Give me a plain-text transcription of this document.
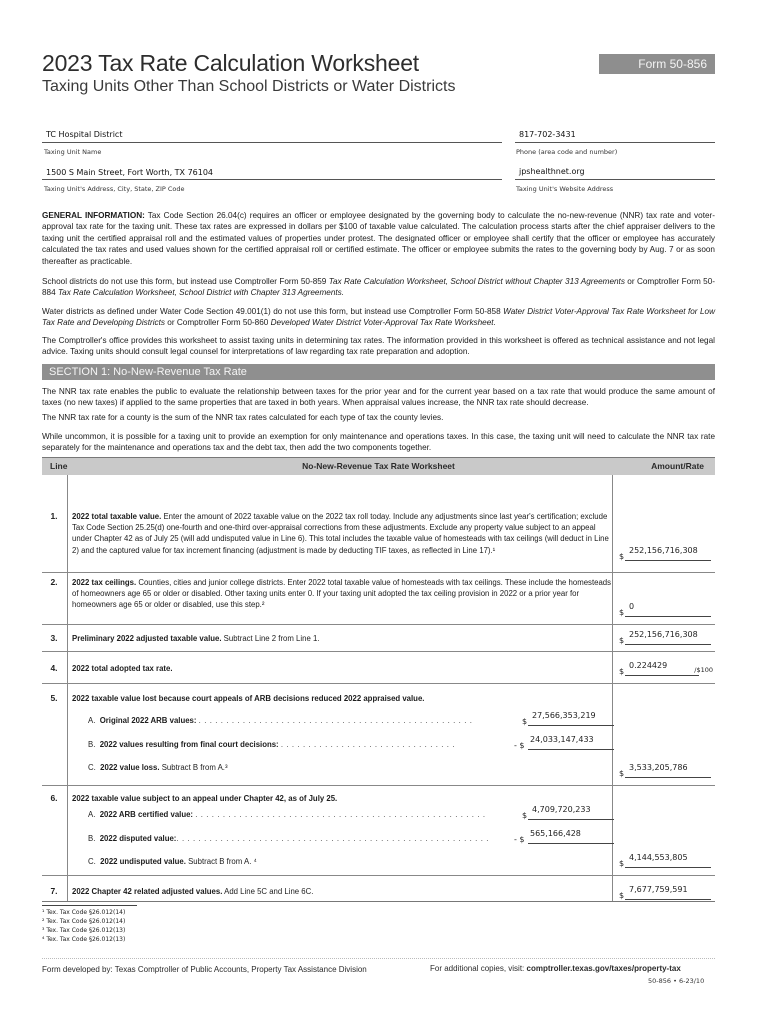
2023 Tax Rate Calculation Worksheet
Taxing Units Other Than School Districts or Water Districts
Form 50-856
TC Hospital District
Taxing Unit Name
817-702-3431
Phone (area code and number)
1500 S Main Street, Fort Worth, TX 76104
Taxing Unit's Address, City, State, ZIP Code
jpshealthnet.org
Taxing Unit's Website Address
GENERAL INFORMATION: Tax Code Section 26.04(c) requires an officer or employee designated by the governing body to calculate the no-new-revenue (NNR) tax rate and voter-approval tax rate for the taxing unit. These tax rates are expressed in dollars per $100 of taxable value calculated. The calculation process starts after the chief appraiser delivers to the taxing unit the certified appraisal roll and the estimated values of properties under protest. The designated officer or employee shall certify that the officer or employee has accurately calculated the tax rates and used values shown for the certified appraisal roll or certified estimate. The officer or employee submits the rates to the governing body by Aug. 7 or as soon thereafter as practicable.
School districts do not use this form, but instead use Comptroller Form 50-859 Tax Rate Calculation Worksheet, School District without Chapter 313 Agreements or Comptroller Form 50-884 Tax Rate Calculation Worksheet, School District with Chapter 313 Agreements.
Water districts as defined under Water Code Section 49.001(1) do not use this form, but instead use Comptroller Form 50-858 Water District Voter-Approval Tax Rate Worksheet for Low Tax Rate and Developing Districts or Comptroller Form 50-860 Developed Water District Voter-Approval Tax Rate Worksheet.
The Comptroller's office provides this worksheet to assist taxing units in determining tax rates. The information provided in this worksheet is offered as technical assistance and not legal advice. Taxing units should consult legal counsel for interpretations of law regarding tax rate preparation and adoption.
SECTION 1: No-New-Revenue Tax Rate
The NNR tax rate enables the public to evaluate the relationship between taxes for the prior year and for the current year based on a tax rate that would produce the same amount of taxes (no new taxes) if applied to the same properties that are taxed in both years. When appraisal values increase, the NNR tax rate should decrease.
Line	No-New-Revenue Tax Rate Worksheet	Amount/Rate
1.	2022 total taxable value. Enter the amount of 2022 taxable value on the 2022 tax roll today. Include any adjustments since last year's certification; exclude Tax Code Section 25.25(d) one-fourth and one-third over-appraisal corrections from these adjustments. Exclude any property value subject to an appeal under Chapter 42 as of July 25 (will add undisputed value in Line 6). This total includes the taxable value of homesteads with tax ceilings (will deduct in Line 2) and the captured value for tax increment financing (adjustment is made by deducting TIF taxes, as reflected in Line 17).¹
$
252,156,716,308
2.	2022 tax ceilings. Counties, cities and junior college districts. Enter 2022 total taxable value of homesteads with tax ceilings. These include the homesteads of homeowners age 65 or older or disabled. Other taxing units enter 0. If your taxing unit adopted the tax ceiling provision in 2022 or a prior year for homeowners age 65 or older or disabled, use this step.²
$
0
3.	Preliminary 2022 adjusted taxable value. Subtract Line 2 from Line 1.	$
252,156,716,308
4.	2022 total adopted tax rate.	$
0.224429	/$100
5.	2022 taxable value lost because court appeals of ARB decisions reduced 2022 appraised value.
A.  Original 2022 ARB values: . . . . . . . . . . . . . . . . . . . . . . . . . . . . . . . . . . . . . . . . . . . . . . . . . .	$
27,566,353,219
B.  2022 values resulting from final court decisions: . . . . . . . . . . . . . . . . . . . . . . . . . . . . . . . .	- $
24,033,147,433
C.  2022 value loss. Subtract B from A.³
$
3,533,205,786
6.	2022 taxable value subject to an appeal under Chapter 42, as of July 25.
A.  2022 ARB certified value: . . . . . . . . . . . . . . . . . . . . . . . . . . . . . . . . . . . . . . . . . . . . . . . . . . . . .	$
4,709,720,233
B.  2022 disputed value:. . . . . . . . . . . . . . . . . . . . . . . . . . . . . . . . . . . . . . . . . . . . . . . . . . . . . . . . .	- $
565,166,428
C.  2022 undisputed value. Subtract B from A. ⁴	$
4,144,553,805
7.	2022 Chapter 42 related adjusted values. Add Line 5C and Line 6C.	$
7,677,759,591
¹ Tex. Tax Code §26.012(14)
² Tex. Tax Code §26.012(14)
³ Tex. Tax Code §26.012(13)
⁴ Tex. Tax Code §26.012(13)
Form developed by: Texas Comptroller of Public Accounts, Property Tax Assistance Division	For additional copies, visit: comptroller.texas.gov/taxes/property-tax
50-856 • 6-23/10
While uncommon, it is possible for a taxing unit to provide an exemption for only maintenance and operations taxes. In this case, the taxing unit will need to calculate the NNR tax rate separately for the maintenance and operations tax and the debt tax, then add the two components together.
The NNR tax rate for a county is the sum of the NNR tax rates calculated for each type of tax the county levies.
